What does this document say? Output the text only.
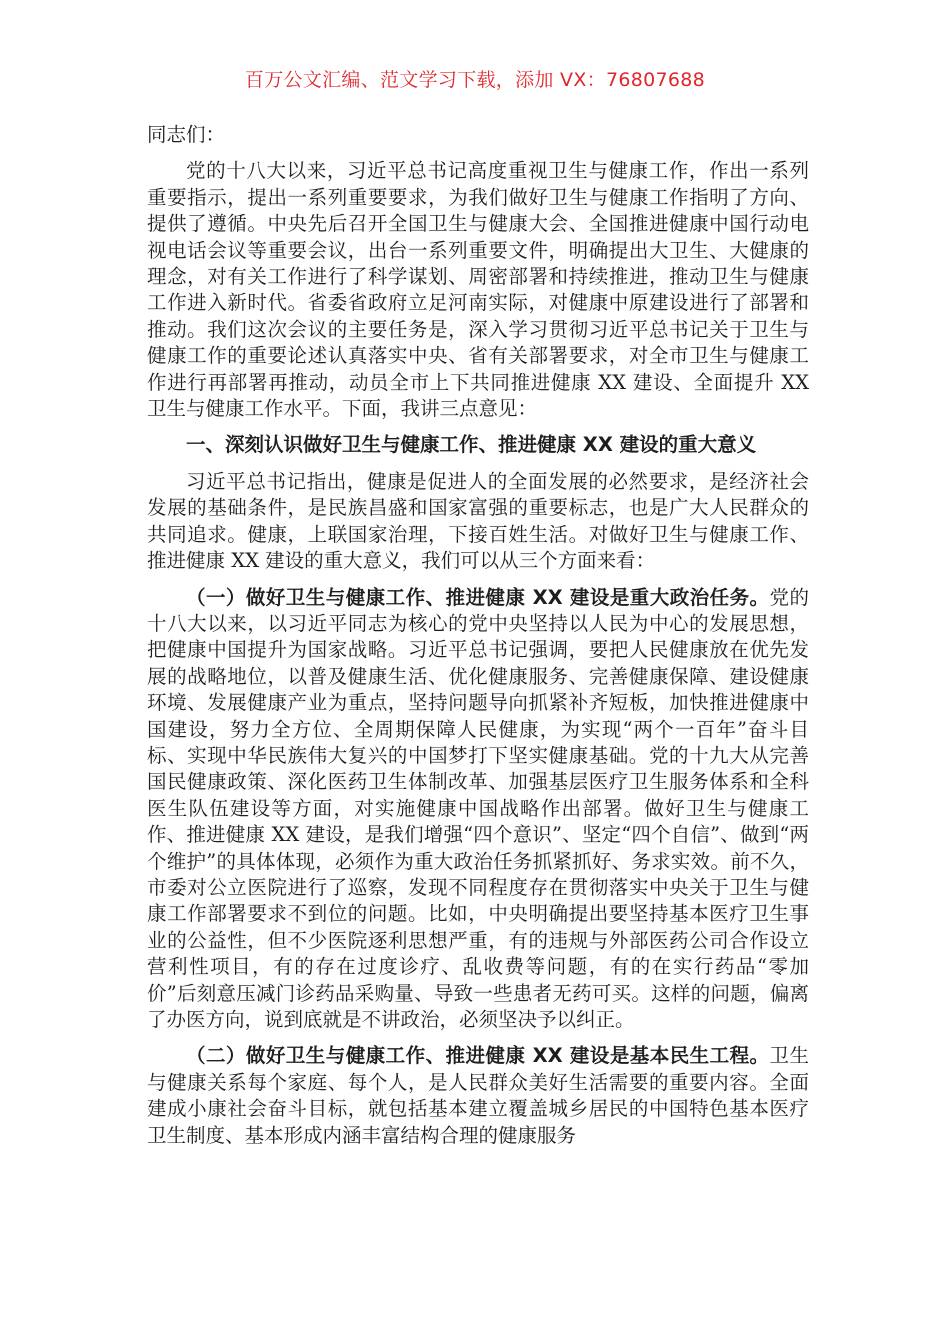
百万公文汇编、范文学习下载，添加 VX：76807688

同志们：

党的十八大以来，习近平总书记高度重视卫生与健康工作，作出一系列重要指示，提出一系列重要要求，为我们做好卫生与健康工作指明了方向、提供了遵循。中央先后召开全国卫生与健康大会、全国推进健康中国行动电视电话会议等重要会议，出台一系列重要文件，明确提出大卫生、大健康的理念，对有关工作进行了科学谋划、周密部署和持续推进，推动卫生与健康工作进入新时代。省委省政府立足河南实际，对健康中原建设进行了部署和推动。我们这次会议的主要任务是，深入学习贯彻习近平总书记关于卫生与健康工作的重要论述认真落实中央、省有关部署要求，对全市卫生与健康工作进行再部署再推动，动员全市上下共同推进健康 XX 建设、全面提升 XX 卫生与健康工作水平。下面，我讲三点意见：

一、深刻认识做好卫生与健康工作、推进健康 XX 建设的重大意义

习近平总书记指出，健康是促进人的全面发展的必然要求，是经济社会发展的基础条件，是民族昌盛和国家富强的重要标志，也是广大人民群众的共同追求。健康，上联国家治理，下接百姓生活。对做好卫生与健康工作、推进健康 XX 建设的重大意义，我们可以从三个方面来看：

（一）做好卫生与健康工作、推进健康 XX 建设是重大政治任务。党的十八大以来，以习近平同志为核心的党中央坚持以人民为中心的发展思想，把健康中国提升为国家战略。习近平总书记强调，要把人民健康放在优先发展的战略地位，以普及健康生活、优化健康服务、完善健康保障、建设健康环境、发展健康产业为重点，坚持问题导向抓紧补齐短板，加快推进健康中国建设，努力全方位、全周期保障人民健康，为实现“两个一百年”奋斗目标、实现中华民族伟大复兴的中国梦打下坚实健康基础。党的十九大从完善国民健康政策、深化医药卫生体制改革、加强基层医疗卫生服务体系和全科医生队伍建设等方面，对实施健康中国战略作出部署。做好卫生与健康工作、推进健康 XX 建设，是我们增强“四个意识”、坚定“四个自信”、做到“两个维护”的具体体现，必须作为重大政治任务抓紧抓好、务求实效。前不久，市委对公立医院进行了巡察，发现不同程度存在贯彻落实中央关于卫生与健康工作部署要求不到位的问题。比如，中央明确提出要坚持基本医疗卫生事业的公益性，但不少医院逐利思想严重，有的违规与外部医药公司合作设立营利性项目，有的存在过度诊疗、乱收费等问题，有的在实行药品“零加价”后刻意压减门诊药品采购量、导致一些患者无药可买。这样的问题，偏离了办医方向，说到底就是不讲政治，必须坚决予以纠正。

（二）做好卫生与健康工作、推进健康 XX 建设是基本民生工程。卫生与健康关系每个家庭、每个人，是人民群众美好生活需要的重要内容。全面建成小康社会奋斗目标，就包括基本建立覆盖城乡居民的中国特色基本医疗卫生制度、基本形成内涵丰富结构合理的健康服务
